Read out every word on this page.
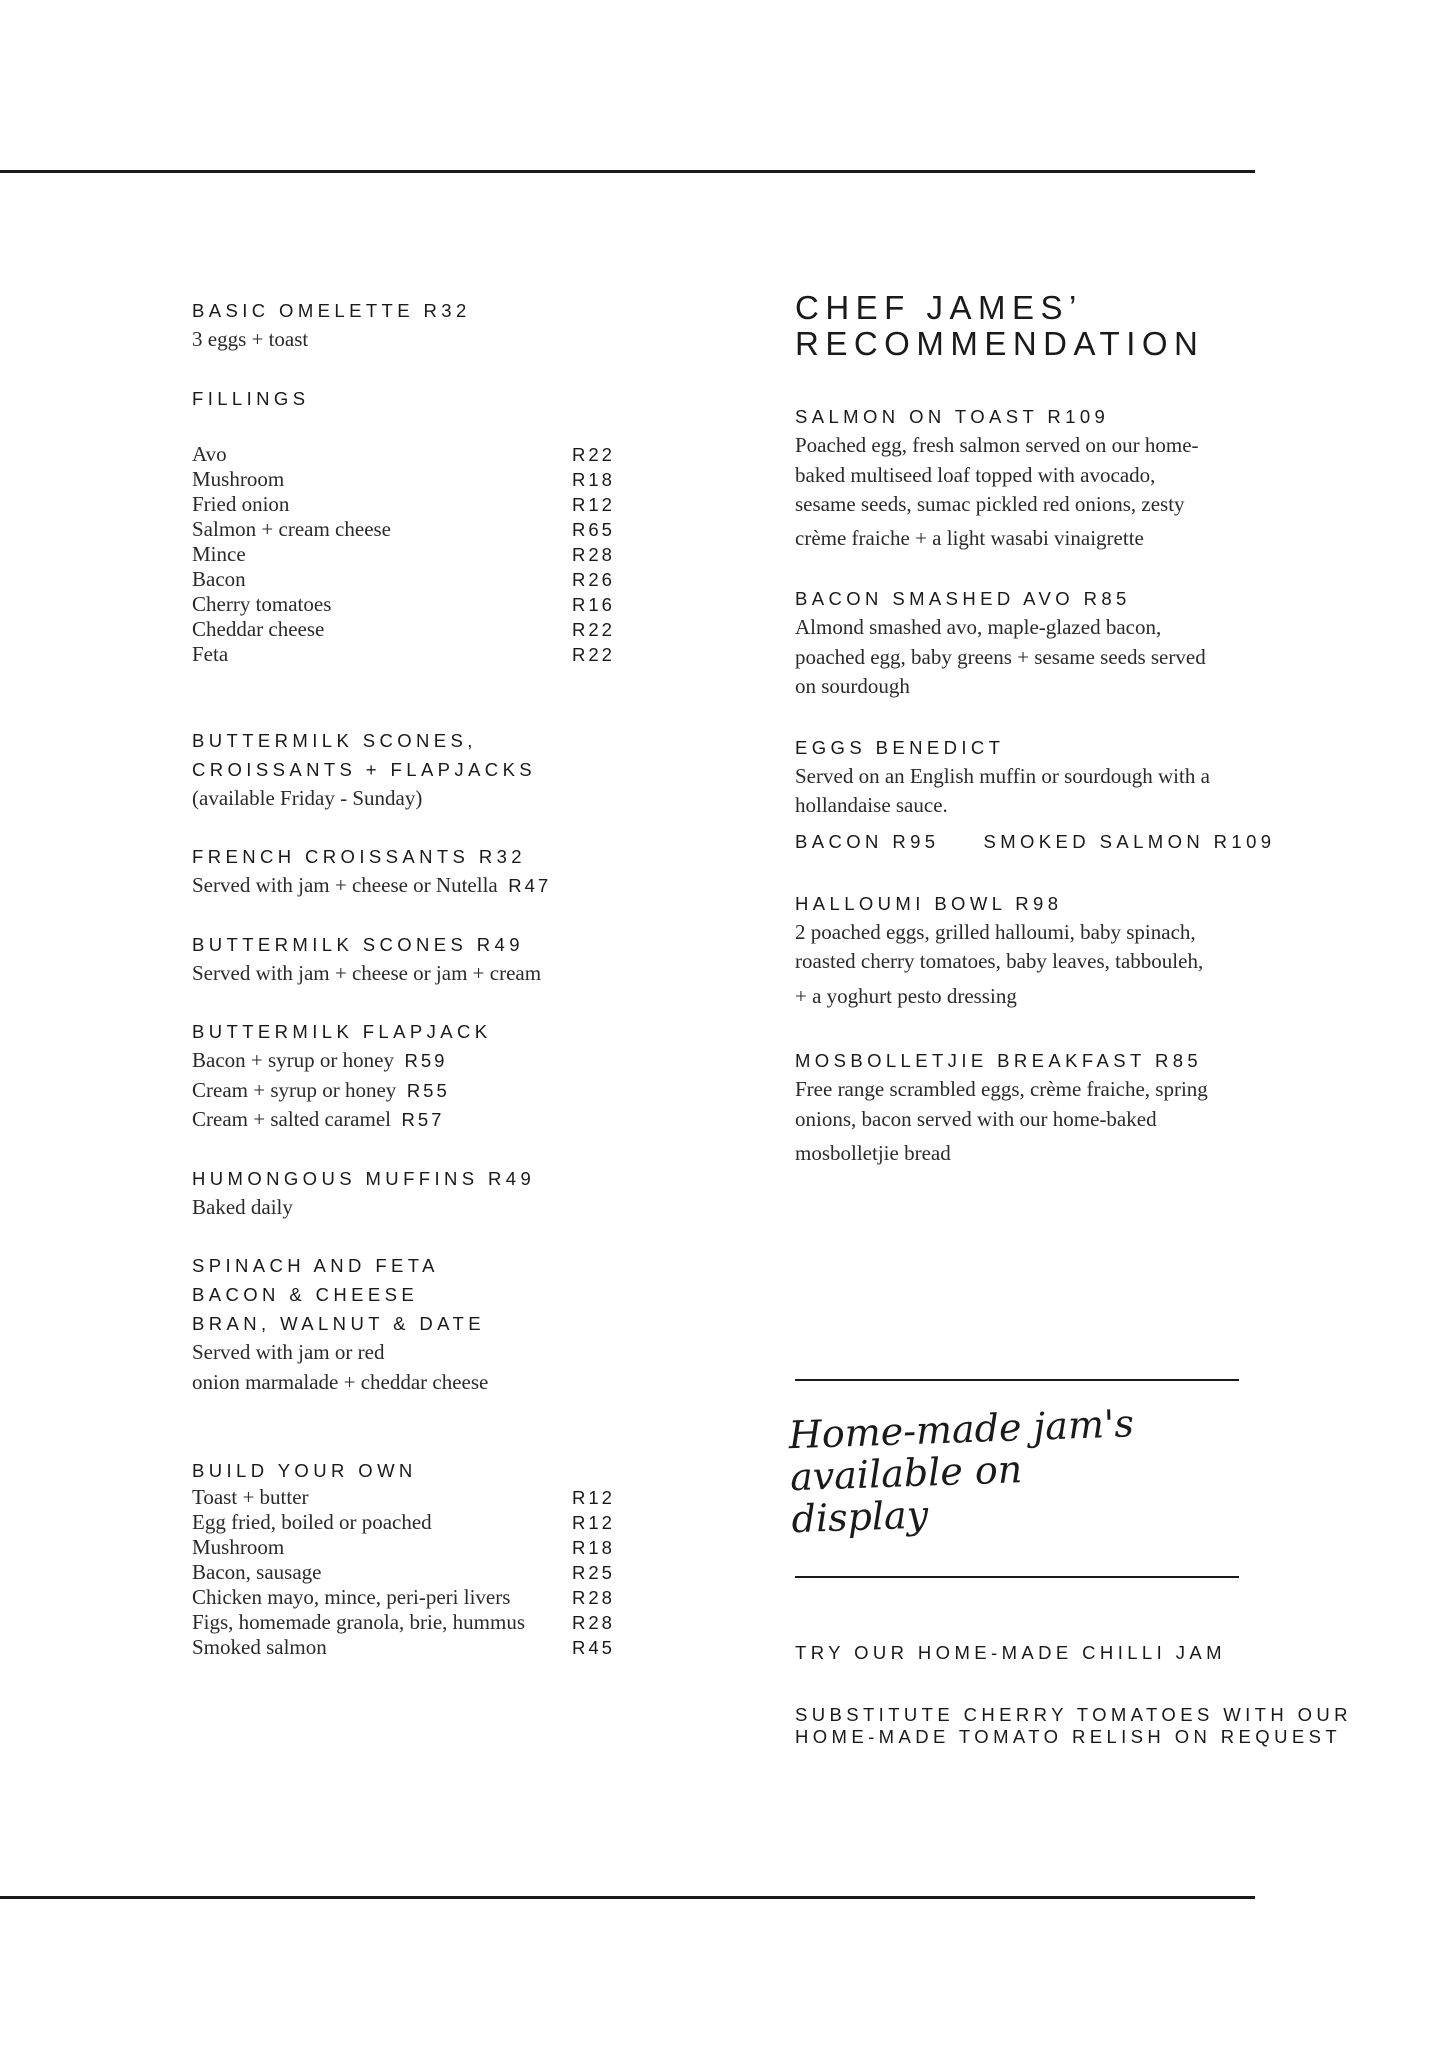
BASIC OMELETTE R32
3 eggs + toast
FILLINGS
Avo	R22
Mushroom	R18
Fried onion	R12
Salmon + cream cheese	R65
Mince	R28
Bacon	R26
Cherry tomatoes	R16
Cheddar cheese	R22
Feta	R22
BUTTERMILK SCONES,
CROISSANTS + FLAPJACKS
(available Friday - Sunday)
FRENCH CROISSANTS R32
Served with jam + cheese or Nutella R47
BUTTERMILK SCONES R49
Served with jam + cheese or jam + cream
BUTTERMILK FLAPJACK
Bacon + syrup or honey R59
Cream + syrup or honey R55
Cream + salted caramel R57
HUMONGOUS MUFFINS R49
Baked daily
SPINACH AND FETA
BACON & CHEESE
BRAN, WALNUT & DATE
Served with jam or red
onion marmalade + cheddar cheese
BUILD YOUR OWN
Toast + butter	R12
Egg fried, boiled or poached	R12
Mushroom	R18
Bacon, sausage	R25
Chicken mayo, mince, peri-peri livers	R28
Figs, homemade granola, brie, hummus	R28
Smoked salmon	R45
CHEF JAMES’
RECOMMENDATION
SALMON ON TOAST R109
Poached egg, fresh salmon served on our home-
baked multiseed loaf topped with avocado,
sesame seeds, sumac pickled red onions, zesty
crème fraiche + a light wasabi vinaigrette
BACON SMASHED AVO R85
Almond smashed avo, maple-glazed bacon,
poached egg, baby greens + sesame seeds served
on sourdough
EGGS BENEDICT
Served on an English muffin or sourdough with a
hollandaise sauce.
BACON R95 SMOKED SALMON R109
HALLOUMI BOWL R98
2 poached eggs, grilled halloumi, baby spinach,
roasted cherry tomatoes, baby leaves, tabbouleh,
+ a yoghurt pesto dressing
MOSBOLLETJIE BREAKFAST R85
Free range scrambled eggs, crème fraiche, spring
onions, bacon served with our home-baked
mosbolletjie bread
Home-made jam's
available on display
TRY OUR HOME-MADE CHILLI JAM
SUBSTITUTE CHERRY TOMATOES WITH OUR
HOME-MADE TOMATO RELISH ON REQUEST
